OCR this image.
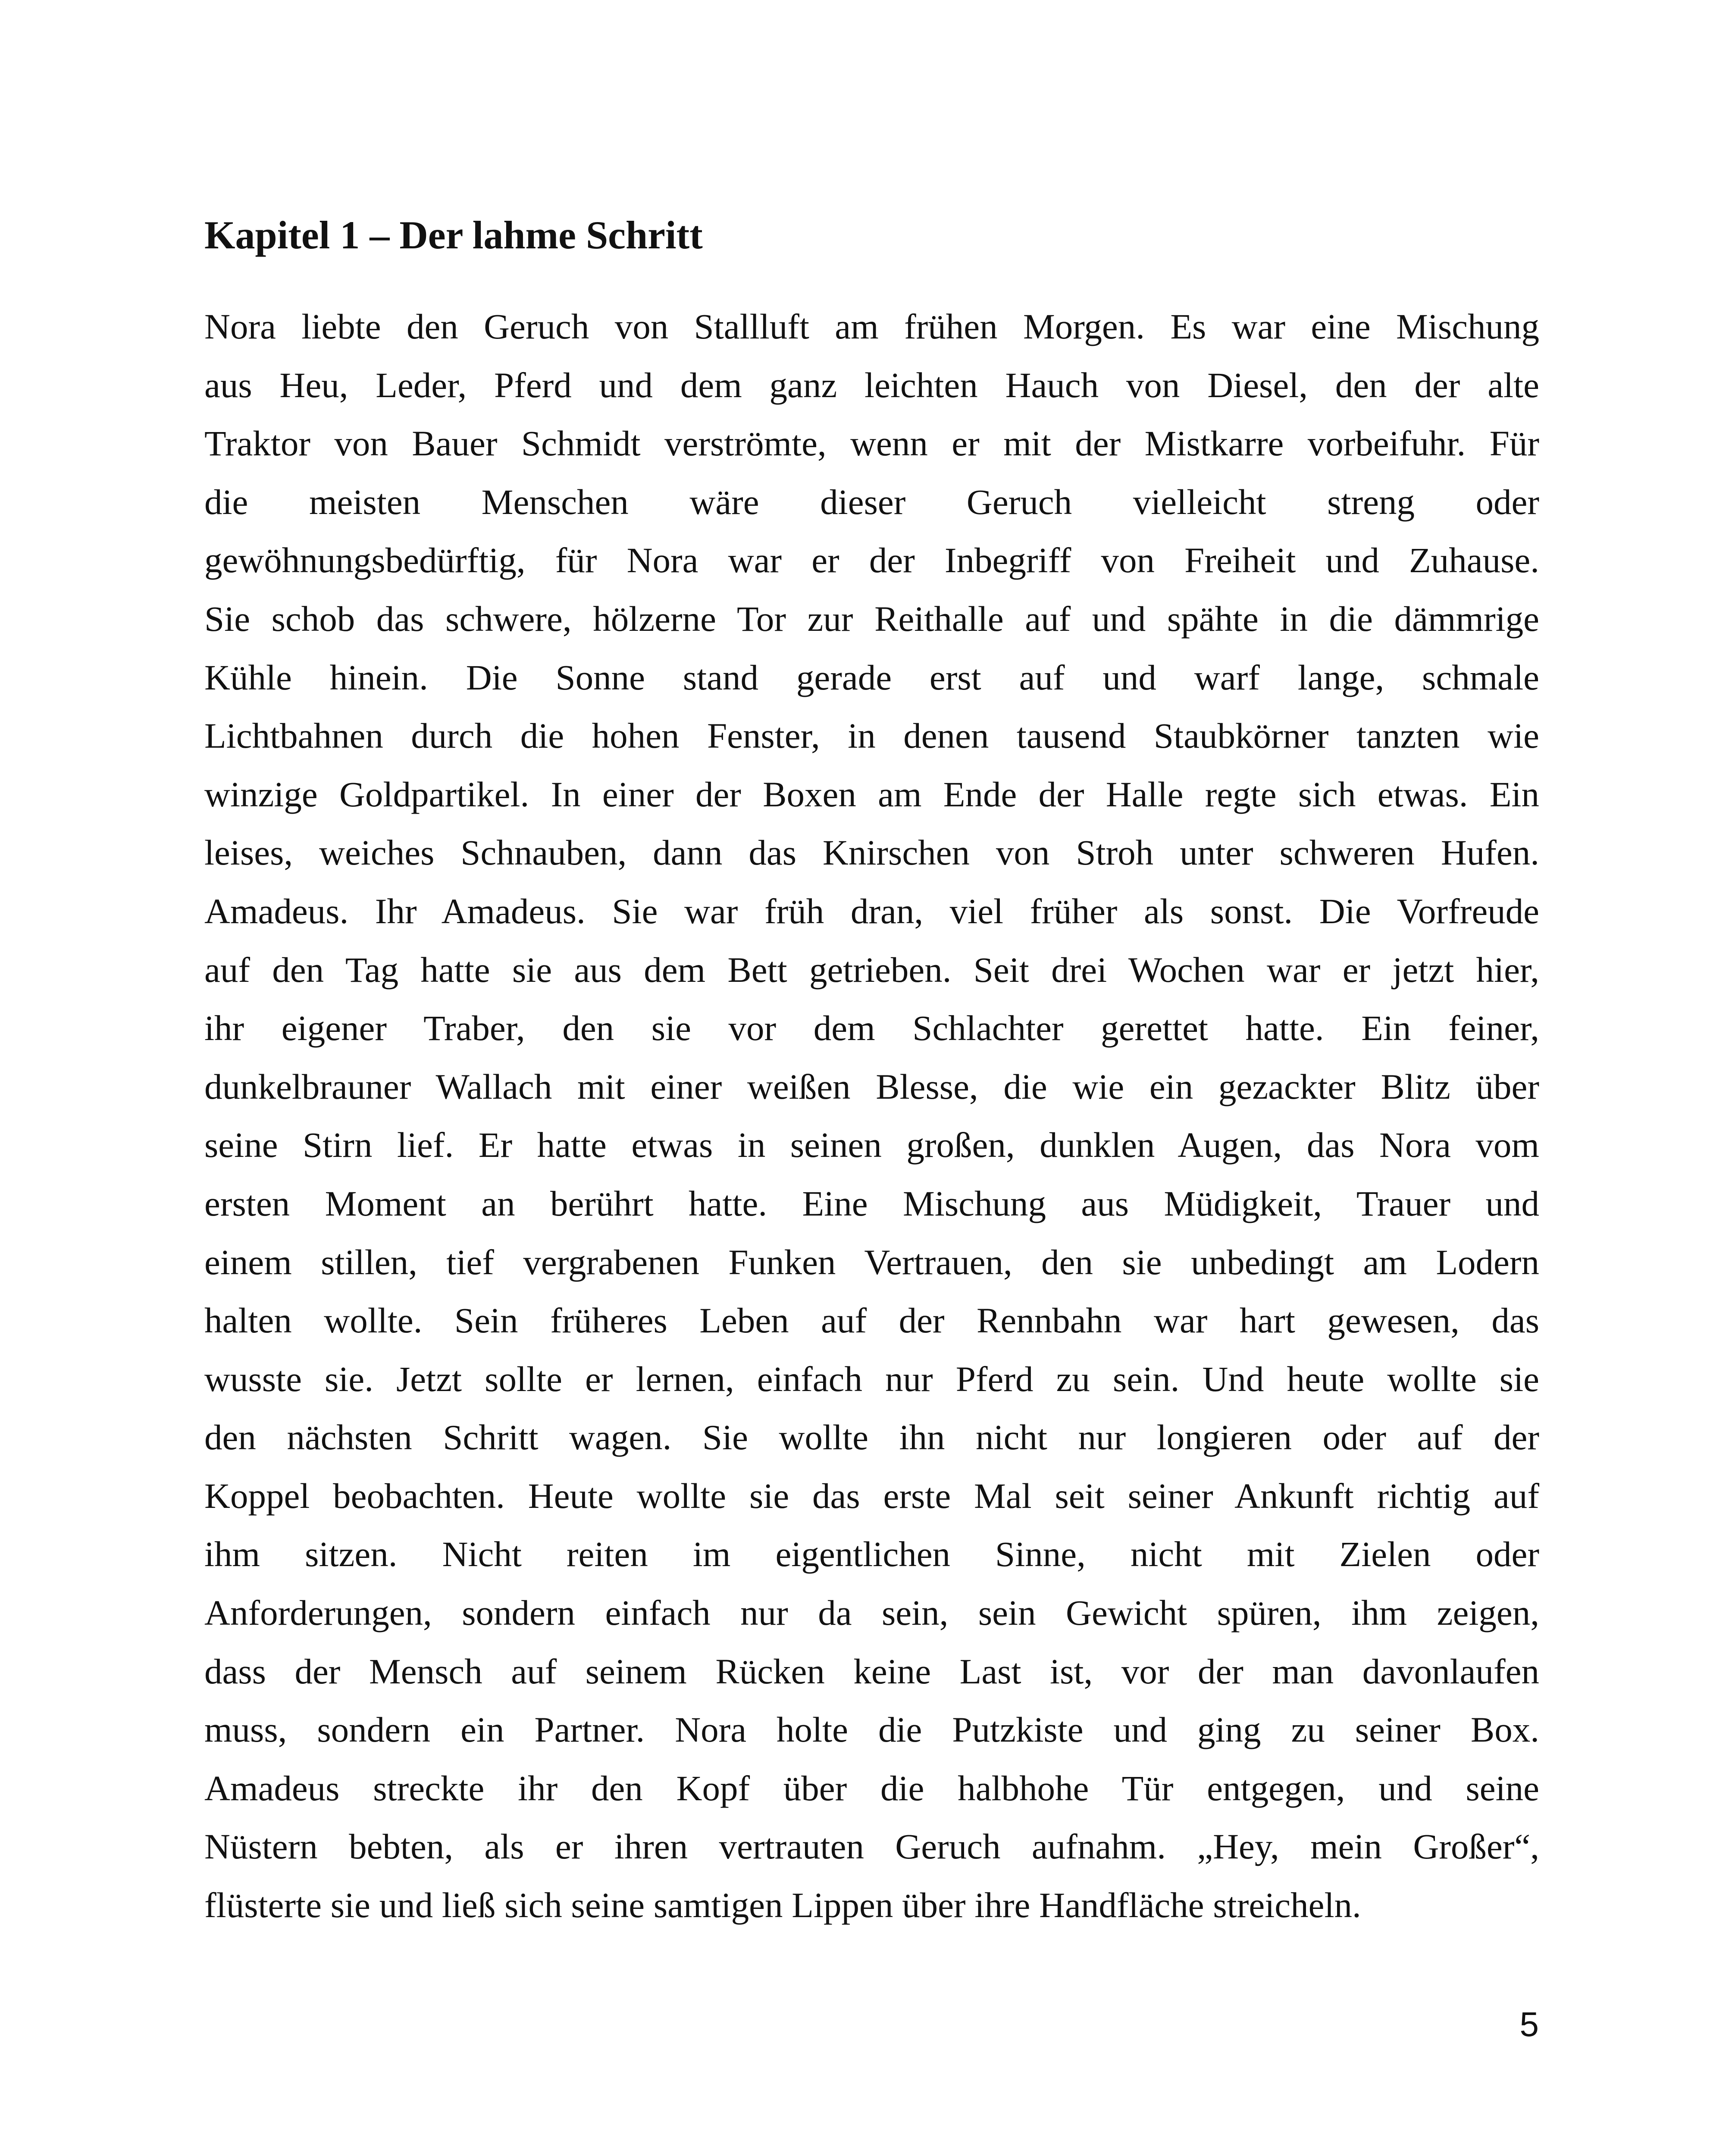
Kapitel 1 – Der lahme Schritt
Nora liebte den Geruch von Stallluft am frühen Morgen. Es war eine Mischung
aus Heu, Leder, Pferd und dem ganz leichten Hauch von Diesel, den der alte
Traktor von Bauer Schmidt verströmte, wenn er mit der Mistkarre vorbeifuhr. Für
die meisten Menschen wäre dieser Geruch vielleicht streng oder
gewöhnungsbedürftig, für Nora war er der Inbegriff von Freiheit und Zuhause.
Sie schob das schwere, hölzerne Tor zur Reithalle auf und spähte in die dämmrige
Kühle hinein. Die Sonne stand gerade erst auf und warf lange, schmale
Lichtbahnen durch die hohen Fenster, in denen tausend Staubkörner tanzten wie
winzige Goldpartikel. In einer der Boxen am Ende der Halle regte sich etwas. Ein
leises, weiches Schnauben, dann das Knirschen von Stroh unter schweren Hufen.
Amadeus. Ihr Amadeus. Sie war früh dran, viel früher als sonst. Die Vorfreude
auf den Tag hatte sie aus dem Bett getrieben. Seit drei Wochen war er jetzt hier,
ihr eigener Traber, den sie vor dem Schlachter gerettet hatte. Ein feiner,
dunkelbrauner Wallach mit einer weißen Blesse, die wie ein gezackter Blitz über
seine Stirn lief. Er hatte etwas in seinen großen, dunklen Augen, das Nora vom
ersten Moment an berührt hatte. Eine Mischung aus Müdigkeit, Trauer und
einem stillen, tief vergrabenen Funken Vertrauen, den sie unbedingt am Lodern
halten wollte. Sein früheres Leben auf der Rennbahn war hart gewesen, das
wusste sie. Jetzt sollte er lernen, einfach nur Pferd zu sein. Und heute wollte sie
den nächsten Schritt wagen. Sie wollte ihn nicht nur longieren oder auf der
Koppel beobachten. Heute wollte sie das erste Mal seit seiner Ankunft richtig auf
ihm sitzen. Nicht reiten im eigentlichen Sinne, nicht mit Zielen oder
Anforderungen, sondern einfach nur da sein, sein Gewicht spüren, ihm zeigen,
dass der Mensch auf seinem Rücken keine Last ist, vor der man davonlaufen
muss, sondern ein Partner. Nora holte die Putzkiste und ging zu seiner Box.
Amadeus streckte ihr den Kopf über die halbhohe Tür entgegen, und seine
Nüstern bebten, als er ihren vertrauten Geruch aufnahm. „Hey, mein Großer“,
flüsterte sie und ließ sich seine samtigen Lippen über ihre Handfläche streicheln.
5
